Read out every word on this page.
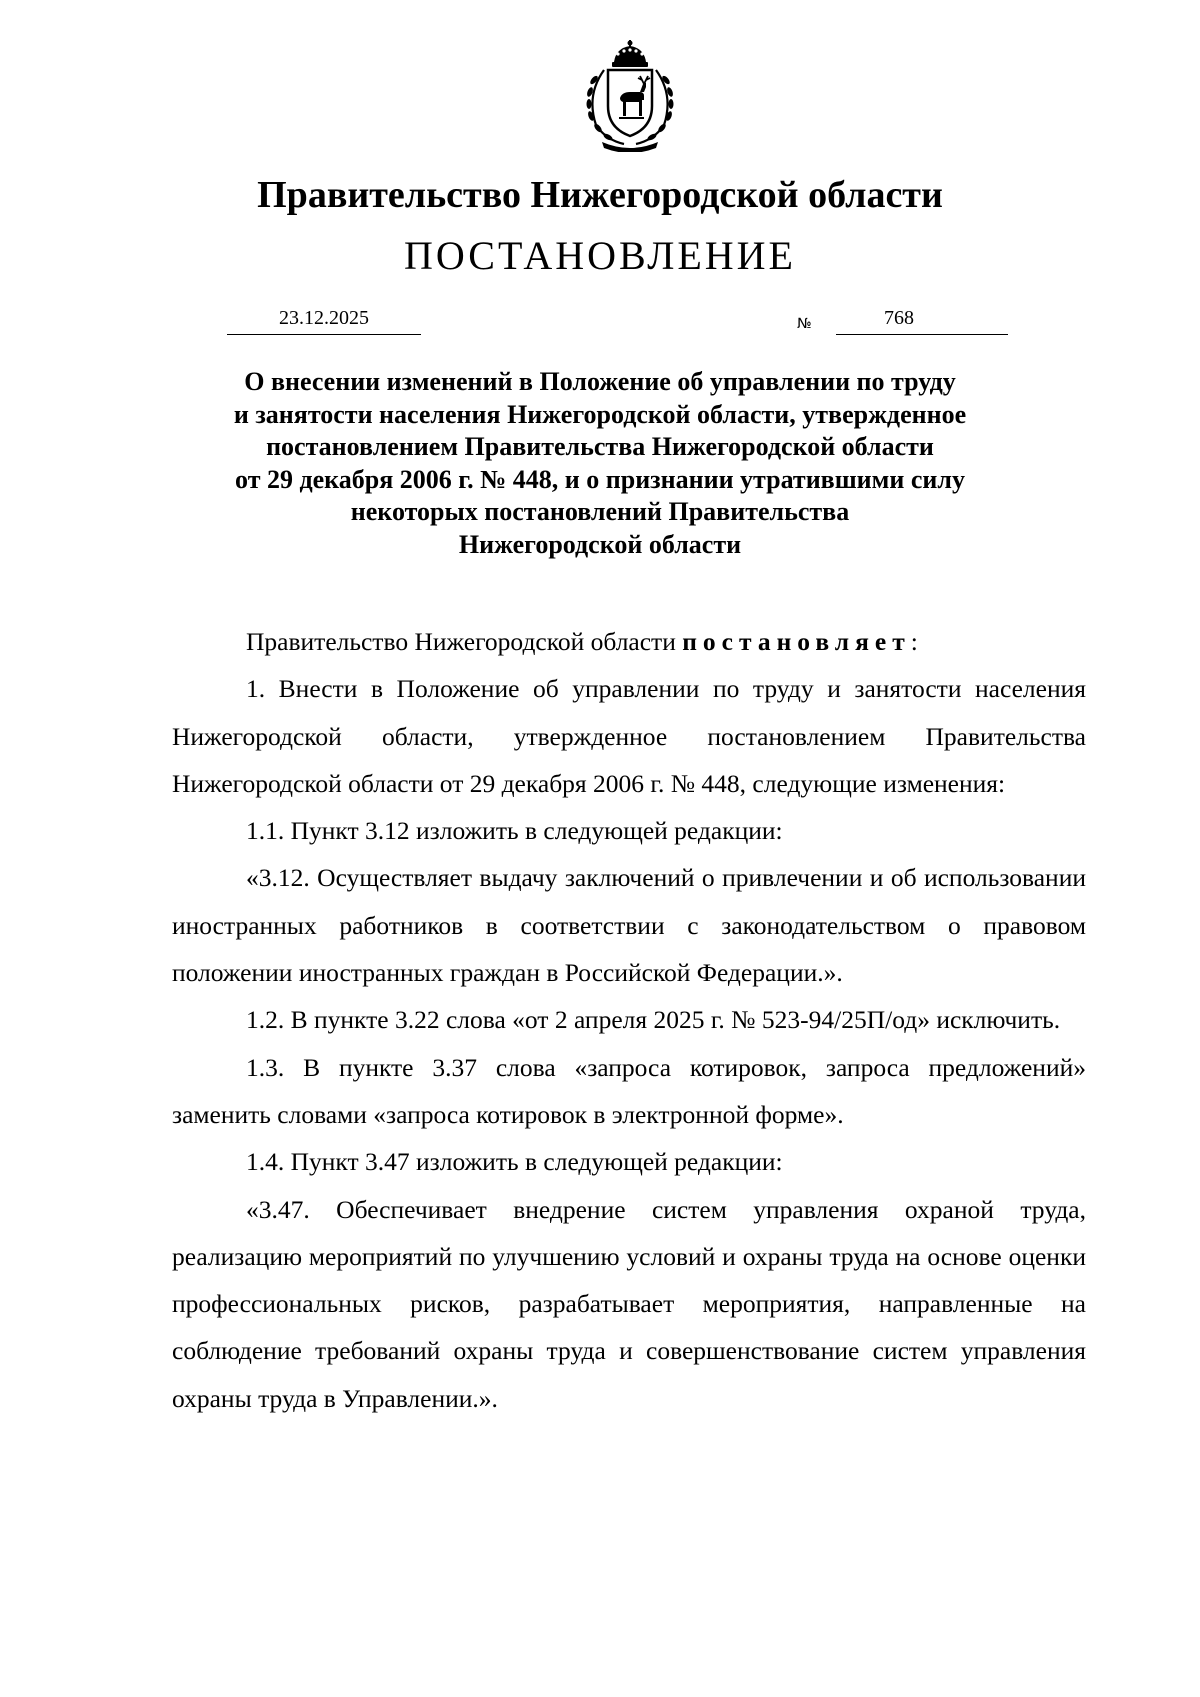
Правительство Нижегородской области
ПОСТАНОВЛЕНИЕ
23.12.2025	№	768
О внесении изменений в Положение об управлении по труду
и занятости населения Нижегородской области, утвержденное
постановлением Правительства Нижегородской области
от 29 декабря 2006 г. № 448, и о признании утратившими силу
некоторых постановлений Правительства
Нижегородской области

Правительство Нижегородской области постановляет:

1. Внести в Положение об управлении по труду и занятости населения Нижегородской области, утвержденное постановлением Правительства Нижегородской области от 29 декабря 2006 г. № 448, следующие изменения:

1.1. Пункт 3.12 изложить в следующей редакции:

«3.12. Осуществляет выдачу заключений о привлечении и об использовании иностранных работников в соответствии с законодательством о правовом положении иностранных граждан в Российской Федерации.».

1.2. В пункте 3.22 слова «от 2 апреля 2025 г. № 523-94/25П/од» исключить.

1.3. В пункте 3.37 слова «запроса котировок, запроса предложений» заменить словами «запроса котировок в электронной форме».

1.4. Пункт 3.47 изложить в следующей редакции:

«3.47. Обеспечивает внедрение систем управления охраной труда, реализацию мероприятий по улучшению условий и охраны труда на основе оценки профессиональных рисков, разрабатывает мероприятия, направленные на соблюдение требований охраны труда и совершенствование систем управления охраны труда в Управлении.».
